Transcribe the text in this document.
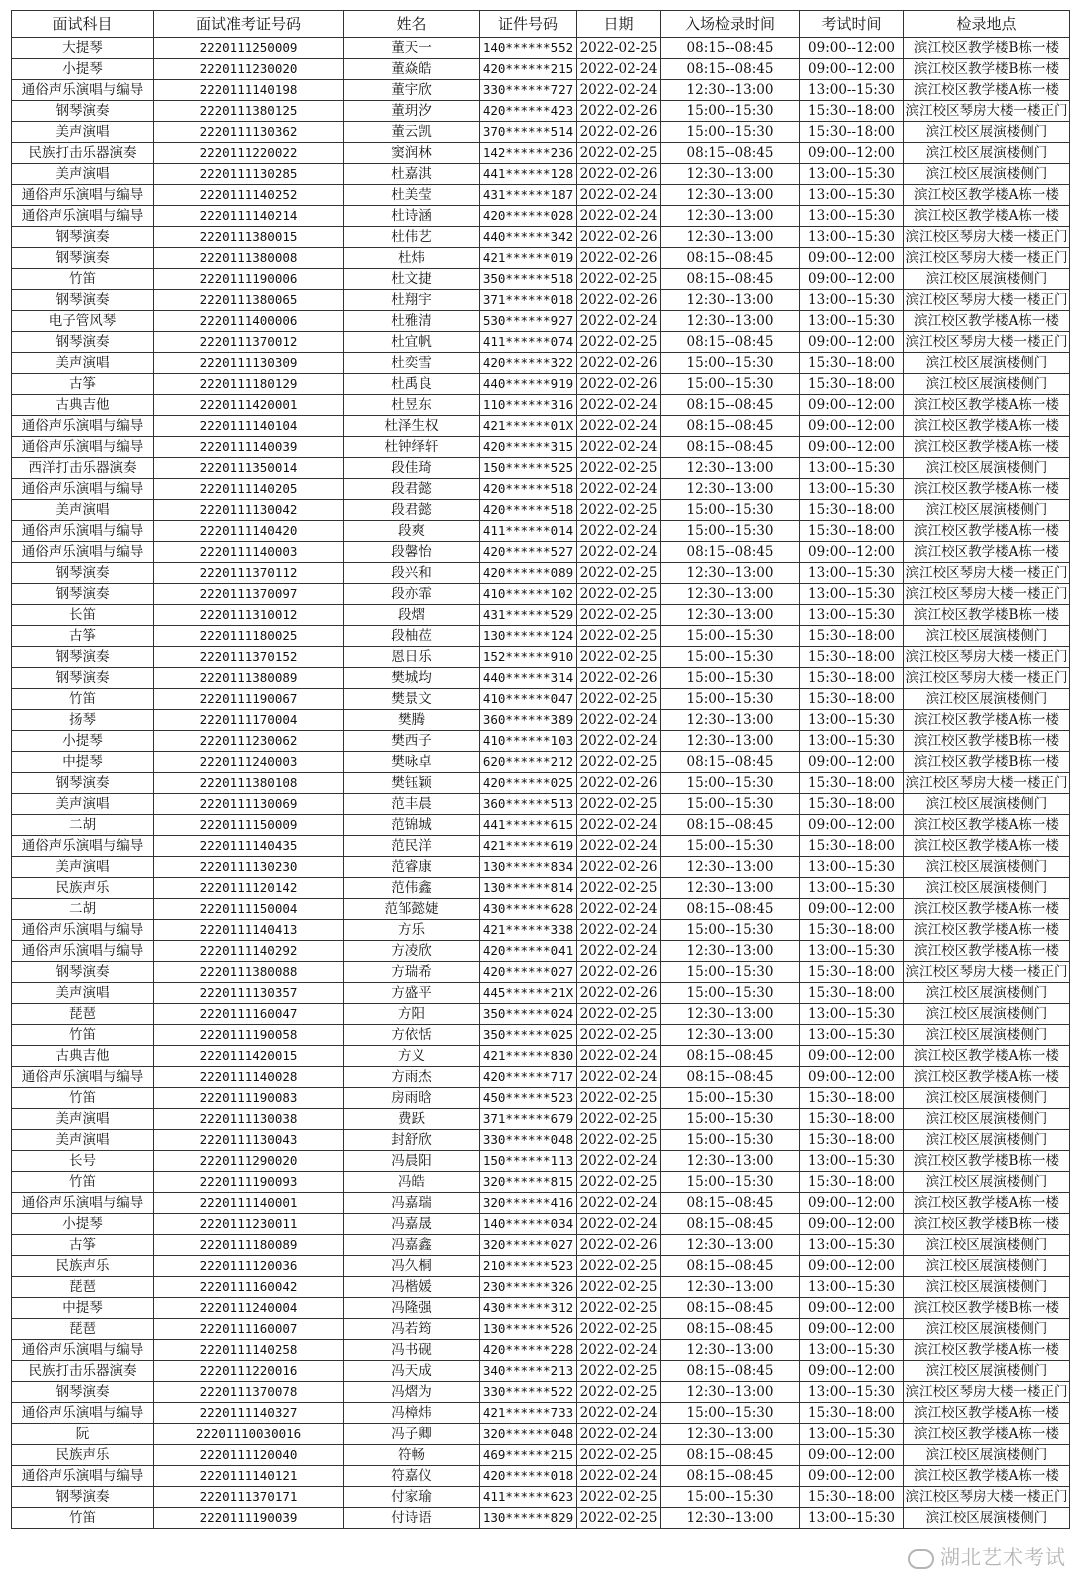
面试科目	面试准考证号码	姓名	证件号码	日期	入场检录时间	考试时间	检录地点
大提琴	2220111250009	董天一	140******552	2022-02-25	08:15--08:45	09:00--12:00	滨江校区教学楼B栋一楼
小提琴	2220111230020	董焱皓	420******215	2022-02-24	08:15--08:45	09:00--12:00	滨江校区教学楼B栋一楼
通俗声乐演唱与编导	2220111140198	董宇欣	330******727	2022-02-24	12:30--13:00	13:00--15:30	滨江校区教学楼A栋一楼
钢琴演奏	2220111380125	董玥汐	420******423	2022-02-26	15:00--15:30	15:30--18:00	滨江校区琴房大楼一楼正门
美声演唱	2220111130362	董云凯	370******514	2022-02-26	15:00--15:30	15:30--18:00	滨江校区展演楼侧门
民族打击乐器演奏	2220111220022	窦润林	142******236	2022-02-25	08:15--08:45	09:00--12:00	滨江校区展演楼侧门
美声演唱	2220111130285	杜嘉淇	441******128	2022-02-26	12:30--13:00	13:00--15:30	滨江校区展演楼侧门
通俗声乐演唱与编导	2220111140252	杜美莹	431******187	2022-02-24	12:30--13:00	13:00--15:30	滨江校区教学楼A栋一楼
通俗声乐演唱与编导	2220111140214	杜诗涵	420******028	2022-02-24	12:30--13:00	13:00--15:30	滨江校区教学楼A栋一楼
钢琴演奏	2220111380015	杜伟艺	440******342	2022-02-26	12:30--13:00	13:00--15:30	滨江校区琴房大楼一楼正门
钢琴演奏	2220111380008	杜炜	421******019	2022-02-26	08:15--08:45	09:00--12:00	滨江校区琴房大楼一楼正门
竹笛	2220111190006	杜文捷	350******518	2022-02-25	08:15--08:45	09:00--12:00	滨江校区展演楼侧门
钢琴演奏	2220111380065	杜翔宇	371******018	2022-02-26	12:30--13:00	13:00--15:30	滨江校区琴房大楼一楼正门
电子管风琴	2220111400006	杜雅清	530******927	2022-02-24	12:30--13:00	13:00--15:30	滨江校区教学楼A栋一楼
钢琴演奏	2220111370012	杜宜帆	411******074	2022-02-25	08:15--08:45	09:00--12:00	滨江校区琴房大楼一楼正门
美声演唱	2220111130309	杜奕雪	420******322	2022-02-26	15:00--15:30	15:30--18:00	滨江校区展演楼侧门
古筝	2220111180129	杜禹良	440******919	2022-02-26	15:00--15:30	15:30--18:00	滨江校区展演楼侧门
古典吉他	2220111420001	杜昱东	110******316	2022-02-24	08:15--08:45	09:00--12:00	滨江校区教学楼A栋一楼
通俗声乐演唱与编导	2220111140104	杜泽生权	421******01X	2022-02-24	08:15--08:45	09:00--12:00	滨江校区教学楼A栋一楼
通俗声乐演唱与编导	2220111140039	杜钟绎轩	420******315	2022-02-24	08:15--08:45	09:00--12:00	滨江校区教学楼A栋一楼
西洋打击乐器演奏	2220111350014	段佳琦	150******525	2022-02-25	12:30--13:00	13:00--15:30	滨江校区展演楼侧门
通俗声乐演唱与编导	2220111140205	段君懿	420******518	2022-02-24	12:30--13:00	13:00--15:30	滨江校区教学楼A栋一楼
美声演唱	2220111130042	段君懿	420******518	2022-02-25	15:00--15:30	15:30--18:00	滨江校区展演楼侧门
通俗声乐演唱与编导	2220111140420	段爽	411******014	2022-02-24	15:00--15:30	15:30--18:00	滨江校区教学楼A栋一楼
通俗声乐演唱与编导	2220111140003	段馨怡	420******527	2022-02-24	08:15--08:45	09:00--12:00	滨江校区教学楼A栋一楼
钢琴演奏	2220111370112	段兴和	420******089	2022-02-25	12:30--13:00	13:00--15:30	滨江校区琴房大楼一楼正门
钢琴演奏	2220111370097	段亦霏	410******102	2022-02-25	12:30--13:00	13:00--15:30	滨江校区琴房大楼一楼正门
长笛	2220111310012	段熠	431******529	2022-02-25	12:30--13:00	13:00--15:30	滨江校区教学楼B栋一楼
古筝	2220111180025	段柚莅	130******124	2022-02-25	15:00--15:30	15:30--18:00	滨江校区展演楼侧门
钢琴演奏	2220111370152	恩日乐	152******910	2022-02-25	15:00--15:30	15:30--18:00	滨江校区琴房大楼一楼正门
钢琴演奏	2220111380089	樊城均	440******314	2022-02-26	15:00--15:30	15:30--18:00	滨江校区琴房大楼一楼正门
竹笛	2220111190067	樊景文	410******047	2022-02-25	15:00--15:30	15:30--18:00	滨江校区展演楼侧门
扬琴	2220111170004	樊腾	360******389	2022-02-24	12:30--13:00	13:00--15:30	滨江校区教学楼A栋一楼
小提琴	2220111230062	樊西子	410******103	2022-02-24	12:30--13:00	13:00--15:30	滨江校区教学楼B栋一楼
中提琴	2220111240003	樊咏卓	620******212	2022-02-25	08:15--08:45	09:00--12:00	滨江校区教学楼B栋一楼
钢琴演奏	2220111380108	樊钰颖	420******025	2022-02-26	15:00--15:30	15:30--18:00	滨江校区琴房大楼一楼正门
美声演唱	2220111130069	范丰晨	360******513	2022-02-25	15:00--15:30	15:30--18:00	滨江校区展演楼侧门
二胡	2220111150009	范锦城	441******615	2022-02-24	08:15--08:45	09:00--12:00	滨江校区教学楼A栋一楼
通俗声乐演唱与编导	2220111140435	范民洋	421******619	2022-02-24	15:00--15:30	15:30--18:00	滨江校区教学楼A栋一楼
美声演唱	2220111130230	范睿康	130******834	2022-02-26	12:30--13:00	13:00--15:30	滨江校区展演楼侧门
民族声乐	2220111120142	范伟鑫	130******814	2022-02-25	12:30--13:00	13:00--15:30	滨江校区展演楼侧门
二胡	2220111150004	范邹懿婕	430******628	2022-02-24	08:15--08:45	09:00--12:00	滨江校区教学楼A栋一楼
通俗声乐演唱与编导	2220111140413	方乐	421******338	2022-02-24	15:00--15:30	15:30--18:00	滨江校区教学楼A栋一楼
通俗声乐演唱与编导	2220111140292	方凌欣	420******041	2022-02-24	12:30--13:00	13:00--15:30	滨江校区教学楼A栋一楼
钢琴演奏	2220111380088	方瑞希	420******027	2022-02-26	15:00--15:30	15:30--18:00	滨江校区琴房大楼一楼正门
美声演唱	2220111130357	方盛平	445******21X	2022-02-26	15:00--15:30	15:30--18:00	滨江校区展演楼侧门
琵琶	2220111160047	方阳	350******024	2022-02-25	12:30--13:00	13:00--15:30	滨江校区展演楼侧门
竹笛	2220111190058	方依恬	350******025	2022-02-25	12:30--13:00	13:00--15:30	滨江校区展演楼侧门
古典吉他	2220111420015	方义	421******830	2022-02-24	08:15--08:45	09:00--12:00	滨江校区教学楼A栋一楼
通俗声乐演唱与编导	2220111140028	方雨杰	420******717	2022-02-24	08:15--08:45	09:00--12:00	滨江校区教学楼A栋一楼
竹笛	2220111190083	房雨晗	450******523	2022-02-25	15:00--15:30	15:30--18:00	滨江校区展演楼侧门
美声演唱	2220111130038	费跃	371******679	2022-02-25	15:00--15:30	15:30--18:00	滨江校区展演楼侧门
美声演唱	2220111130043	封舒欣	330******048	2022-02-25	15:00--15:30	15:30--18:00	滨江校区展演楼侧门
长号	2220111290020	冯晨阳	150******113	2022-02-24	12:30--13:00	13:00--15:30	滨江校区教学楼B栋一楼
竹笛	2220111190093	冯皓	320******815	2022-02-25	15:00--15:30	15:30--18:00	滨江校区展演楼侧门
通俗声乐演唱与编导	2220111140001	冯嘉瑞	320******416	2022-02-24	08:15--08:45	09:00--12:00	滨江校区教学楼A栋一楼
小提琴	2220111230011	冯嘉晟	140******034	2022-02-24	08:15--08:45	09:00--12:00	滨江校区教学楼B栋一楼
古筝	2220111180089	冯嘉鑫	320******027	2022-02-26	12:30--13:00	13:00--15:30	滨江校区展演楼侧门
民族声乐	2220111120036	冯久桐	210******523	2022-02-25	08:15--08:45	09:00--12:00	滨江校区展演楼侧门
琵琶	2220111160042	冯楷媛	230******326	2022-02-25	12:30--13:00	13:00--15:30	滨江校区展演楼侧门
中提琴	2220111240004	冯隆强	430******312	2022-02-25	08:15--08:45	09:00--12:00	滨江校区教学楼B栋一楼
琵琶	2220111160007	冯若筠	130******526	2022-02-25	08:15--08:45	09:00--12:00	滨江校区展演楼侧门
通俗声乐演唱与编导	2220111140258	冯书砚	420******228	2022-02-24	12:30--13:00	13:00--15:30	滨江校区教学楼A栋一楼
民族打击乐器演奏	2220111220016	冯天成	340******213	2022-02-25	08:15--08:45	09:00--12:00	滨江校区展演楼侧门
钢琴演奏	2220111370078	冯熠为	330******522	2022-02-25	12:30--13:00	13:00--15:30	滨江校区琴房大楼一楼正门
通俗声乐演唱与编导	2220111140327	冯樟炜	421******733	2022-02-24	15:00--15:30	15:30--18:00	滨江校区教学楼A栋一楼
阮	22201110030016	冯子卿	320******048	2022-02-24	12:30--13:00	13:00--15:30	滨江校区教学楼A栋一楼
民族声乐	2220111120040	符畅	469******215	2022-02-25	08:15--08:45	09:00--12:00	滨江校区展演楼侧门
通俗声乐演唱与编导	2220111140121	符嘉仪	420******018	2022-02-24	08:15--08:45	09:00--12:00	滨江校区教学楼A栋一楼
钢琴演奏	2220111370171	付家瑜	411******623	2022-02-25	15:00--15:30	15:30--18:00	滨江校区琴房大楼一楼正门
竹笛	2220111190039	付诗语	130******829	2022-02-25	12:30--13:00	13:00--15:30	滨江校区展演楼侧门
湖北艺术考试
